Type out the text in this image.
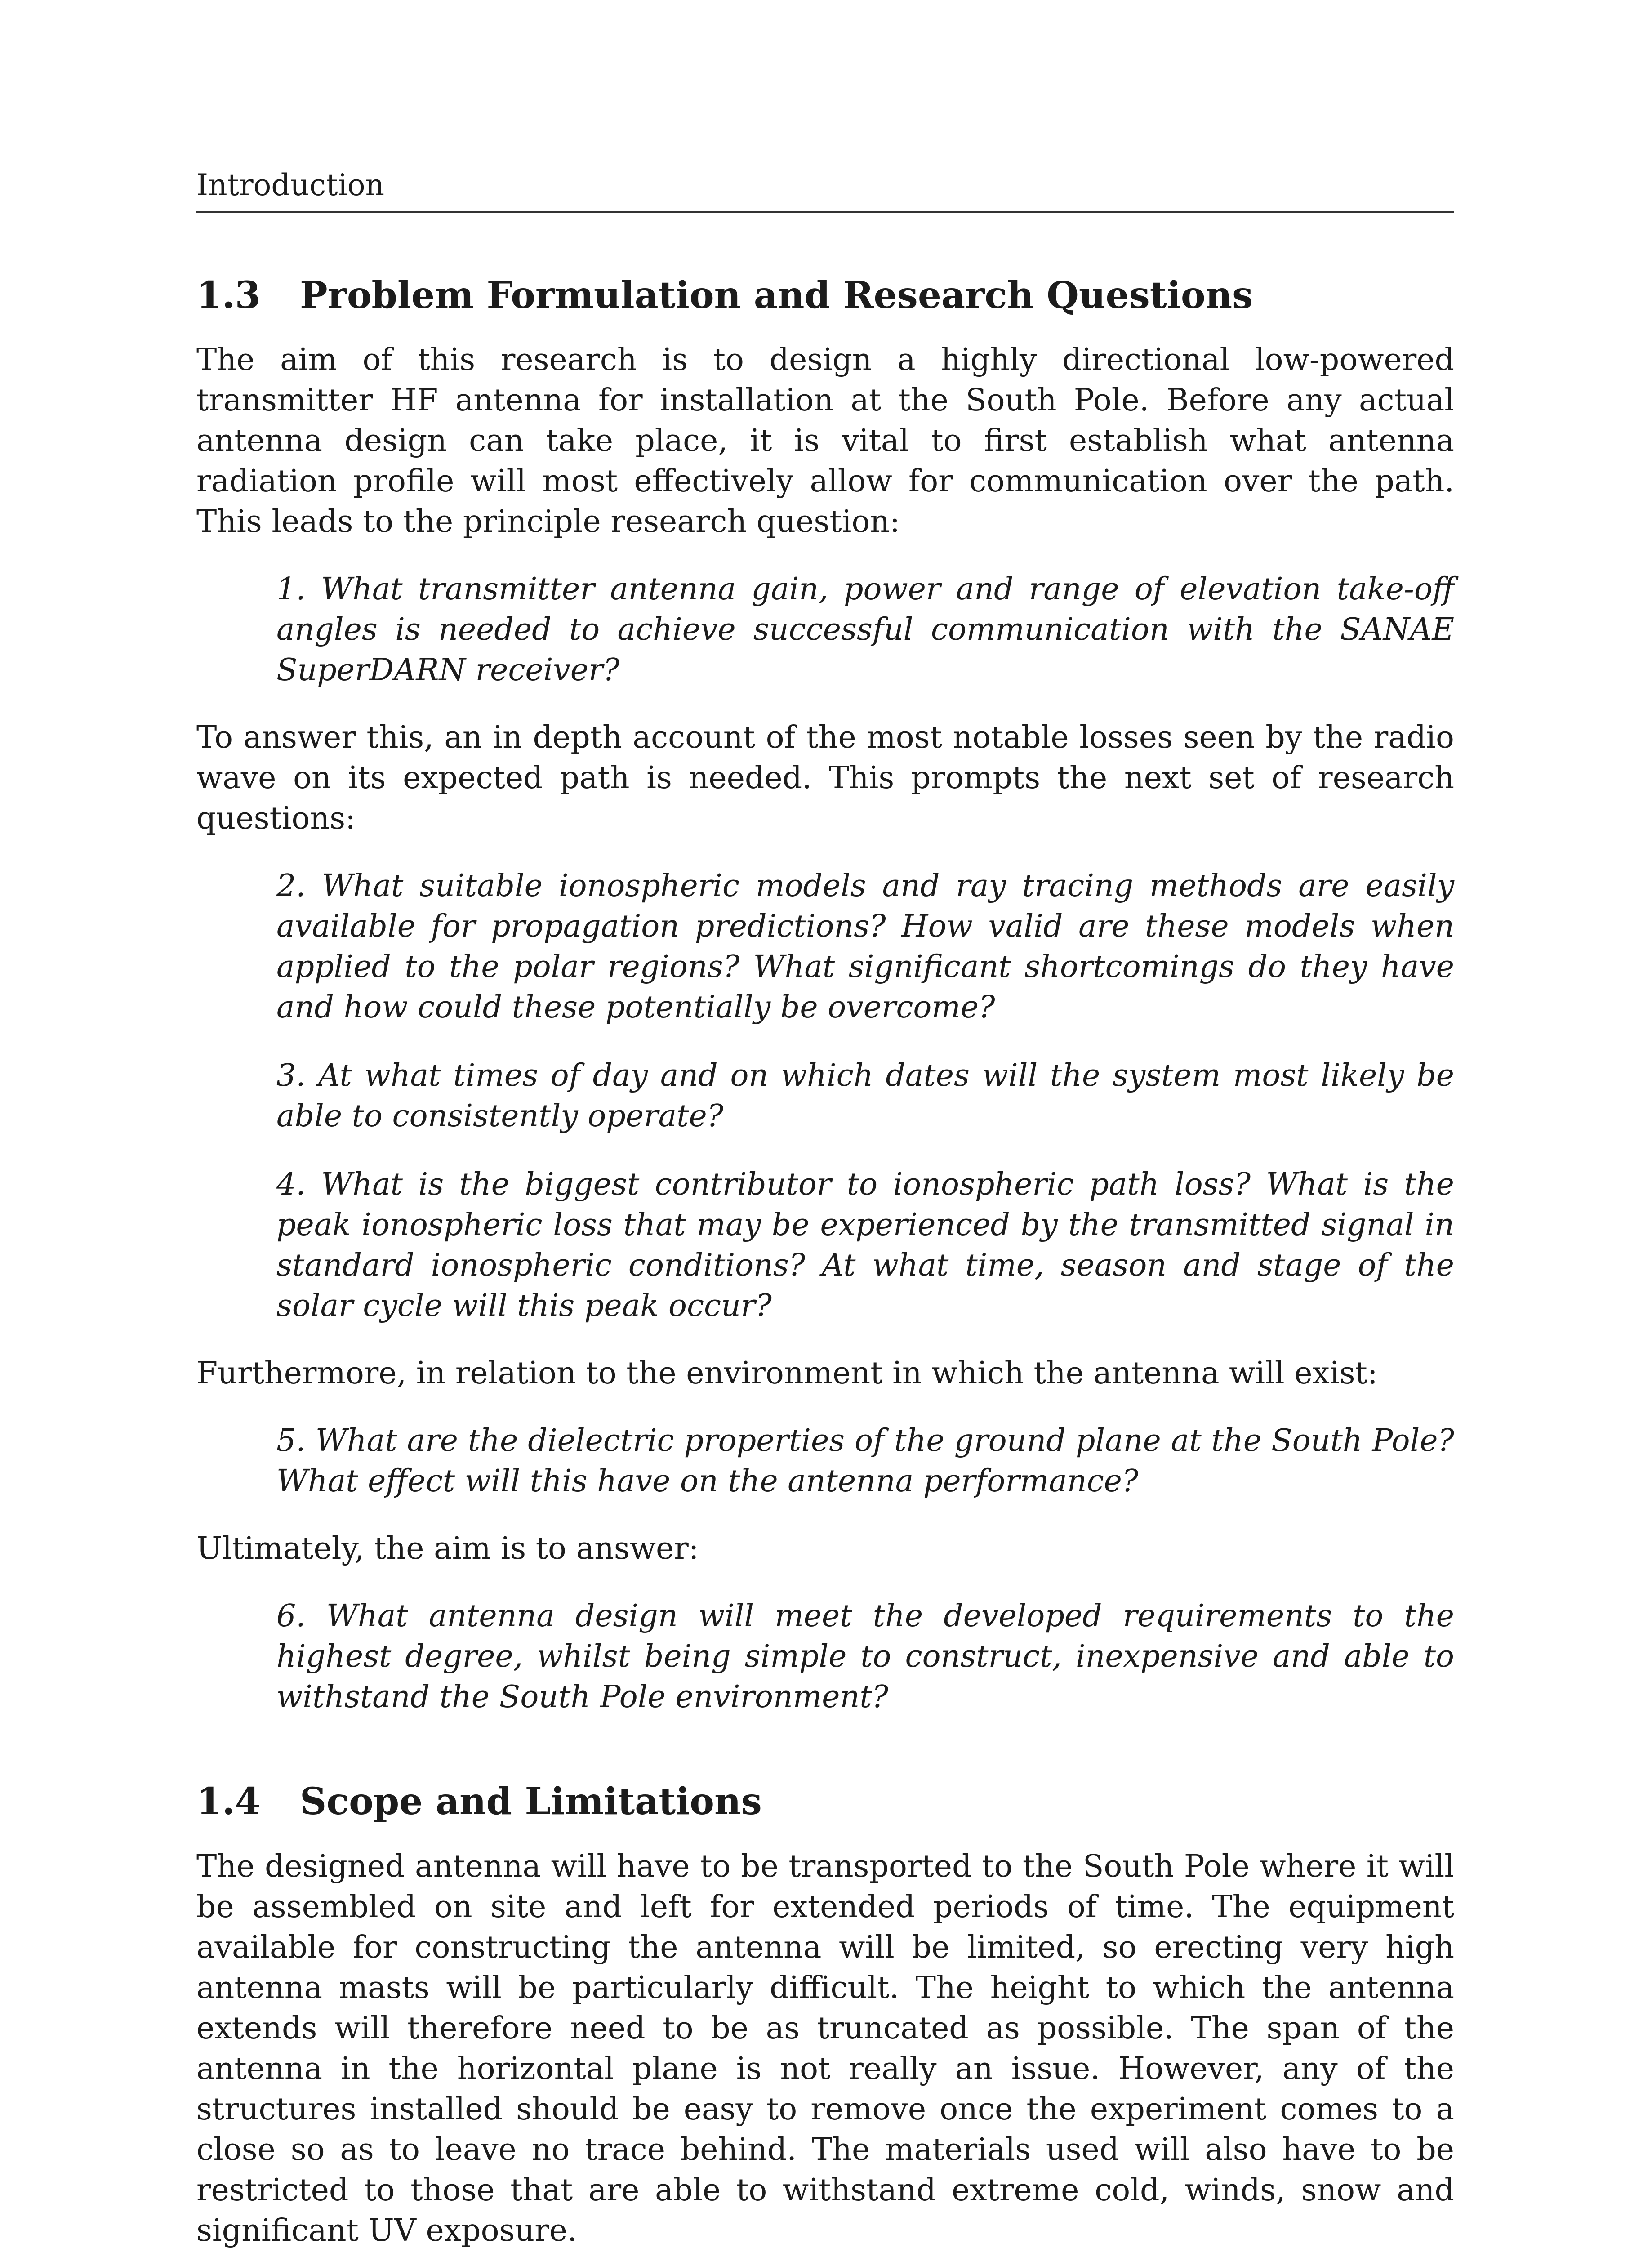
Introduction
1.3	Problem Formulation and Research Questions

The aim of this research is to design a highly directional low-powered transmitter HF antenna for installation at the South Pole. Before any actual antenna design can take place, it is vital to first establish what antenna radiation profile will most effectively allow for communication over the path. This leads to the principle research question:

1. What transmitter antenna gain, power and range of elevation take-off angles is needed to achieve successful communication with the SANAE SuperDARN receiver?

To answer this, an in depth account of the most notable losses seen by the radio wave on its expected path is needed. This prompts the next set of research questions:

2. What suitable ionospheric models and ray tracing methods are easily available for propagation predictions? How valid are these models when applied to the polar regions? What significant shortcomings do they have and how could these potentially be overcome?

3. At what times of day and on which dates will the system most likely be able to consistently operate?

4. What is the biggest contributor to ionospheric path loss? What is the peak ionospheric loss that may be experienced by the transmitted signal in standard ionospheric conditions? At what time, season and stage of the solar cycle will this peak occur?

Furthermore, in relation to the environment in which the antenna will exist:

5. What are the dielectric properties of the ground plane at the South Pole? What effect will this have on the antenna performance?

Ultimately, the aim is to answer:

6. What antenna design will meet the developed requirements to the highest degree, whilst being simple to construct, inexpensive and able to withstand the South Pole environment?

1.4	Scope and Limitations

The designed antenna will have to be transported to the South Pole where it will be assembled on site and left for extended periods of time. The equipment available for constructing the antenna will be limited, so erecting very high antenna masts will be particularly difficult. The height to which the antenna extends will therefore need to be as truncated as possible. The span of the antenna in the horizontal plane is not really an issue. However, any of the structures installed should be easy to remove once the experiment comes to a close so as to leave no trace behind. The materials used will also have to be restricted to those that are able to withstand extreme cold, winds, snow and significant UV exposure.
